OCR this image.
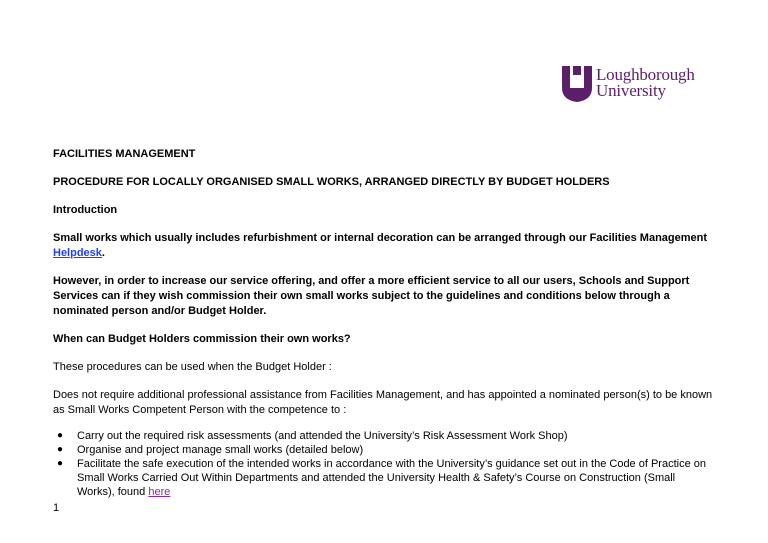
Loughborough
University

FACILITIES MANAGEMENT

PROCEDURE FOR LOCALLY ORGANISED SMALL WORKS, ARRANGED DIRECTLY BY BUDGET HOLDERS

Introduction

Small works which usually includes refurbishment or internal decoration can be arranged through our Facilities Management Helpdesk.

However, in order to increase our service offering, and offer a more efficient service to all our users, Schools and Support Services can if they wish commission their own small works subject to the guidelines and conditions below through a nominated person and/or Budget Holder.

When can Budget Holders commission their own works?

These procedures can be used when the Budget Holder :

Does not require additional professional assistance from Facilities Management, and has appointed a nominated person(s) to be known as Small Works Competent Person with the competence to :

● Carry out the required risk assessments (and attended the University’s Risk Assessment Work Shop)
● Organise and project manage small works (detailed below)
● Facilitate the safe execution of the intended works in accordance with the University’s guidance set out in the Code of Practice on Small Works Carried Out Within Departments and attended the University Health & Safety’s Course on Construction (Small Works), found here
1
